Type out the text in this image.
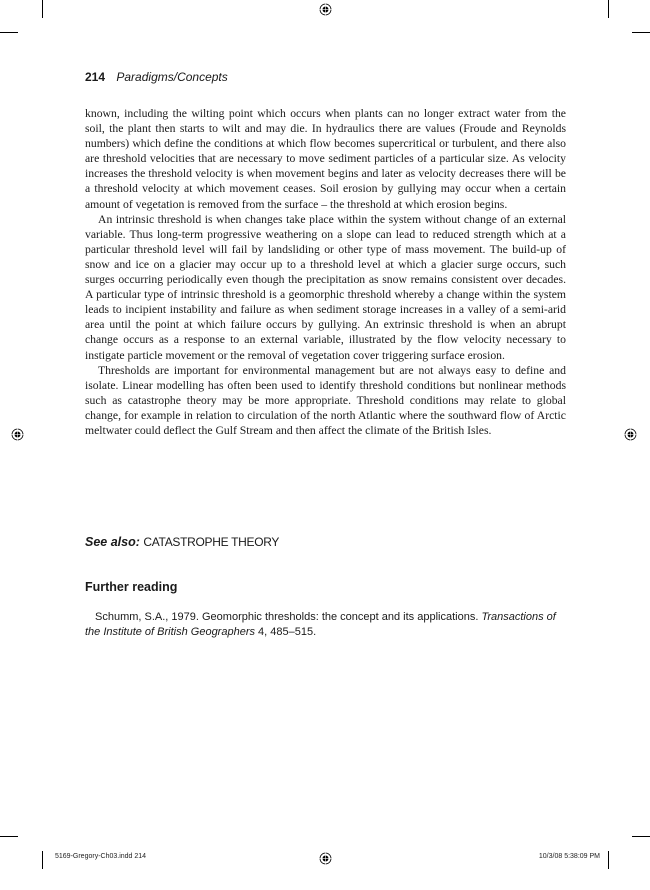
214 Paradigms/Concepts

known, including the wilting point which occurs when plants can no longer extract water from the soil, the plant then starts to wilt and may die. In hydraulics there are values (Froude and Reynolds numbers) which define the conditions at which flow becomes supercritical or turbulent, and there also are threshold velocities that are necessary to move sediment particles of a particular size. As velocity increases the threshold velocity is when movement begins and later as velocity decreases there will be a threshold velocity at which movement ceases. Soil erosion by gullying may occur when a certain amount of vegetation is removed from the surface – the threshold at which erosion begins.

An intrinsic threshold is when changes take place within the system without change of an external variable. Thus long-term progressive weathering on a slope can lead to reduced strength which at a particular threshold level will fail by landsliding or other type of mass movement. The build-up of snow and ice on a glacier may occur up to a threshold level at which a glacier surge occurs, such surges occurring periodically even though the precipitation as snow remains consistent over decades. A particular type of intrinsic threshold is a geomorphic threshold whereby a change within the system leads to incipient instability and failure as when sediment storage increases in a valley of a semi-arid area until the point at which failure occurs by gullying. An extrinsic threshold is when an abrupt change occurs as a response to an external variable, illustrated by the flow velocity necessary to instigate particle movement or the removal of vegetation cover triggering surface erosion.

Thresholds are important for environmental management but are not always easy to define and isolate. Linear modelling has often been used to identify threshold conditions but nonlinear methods such as catastrophe theory may be more appropriate. Threshold conditions may relate to global change, for example in relation to circulation of the north Atlantic where the southward flow of Arctic meltwater could deflect the Gulf Stream and then affect the climate of the British Isles.

See also: CATASTROPHE THEORY
Further reading
Schumm, S.A., 1979. Geomorphic thresholds: the concept and its applications. Transactions of the Institute of British Geographers 4, 485–515.
5169-Gregory-Ch03.indd 214	10/3/08 5:38:09 PM
